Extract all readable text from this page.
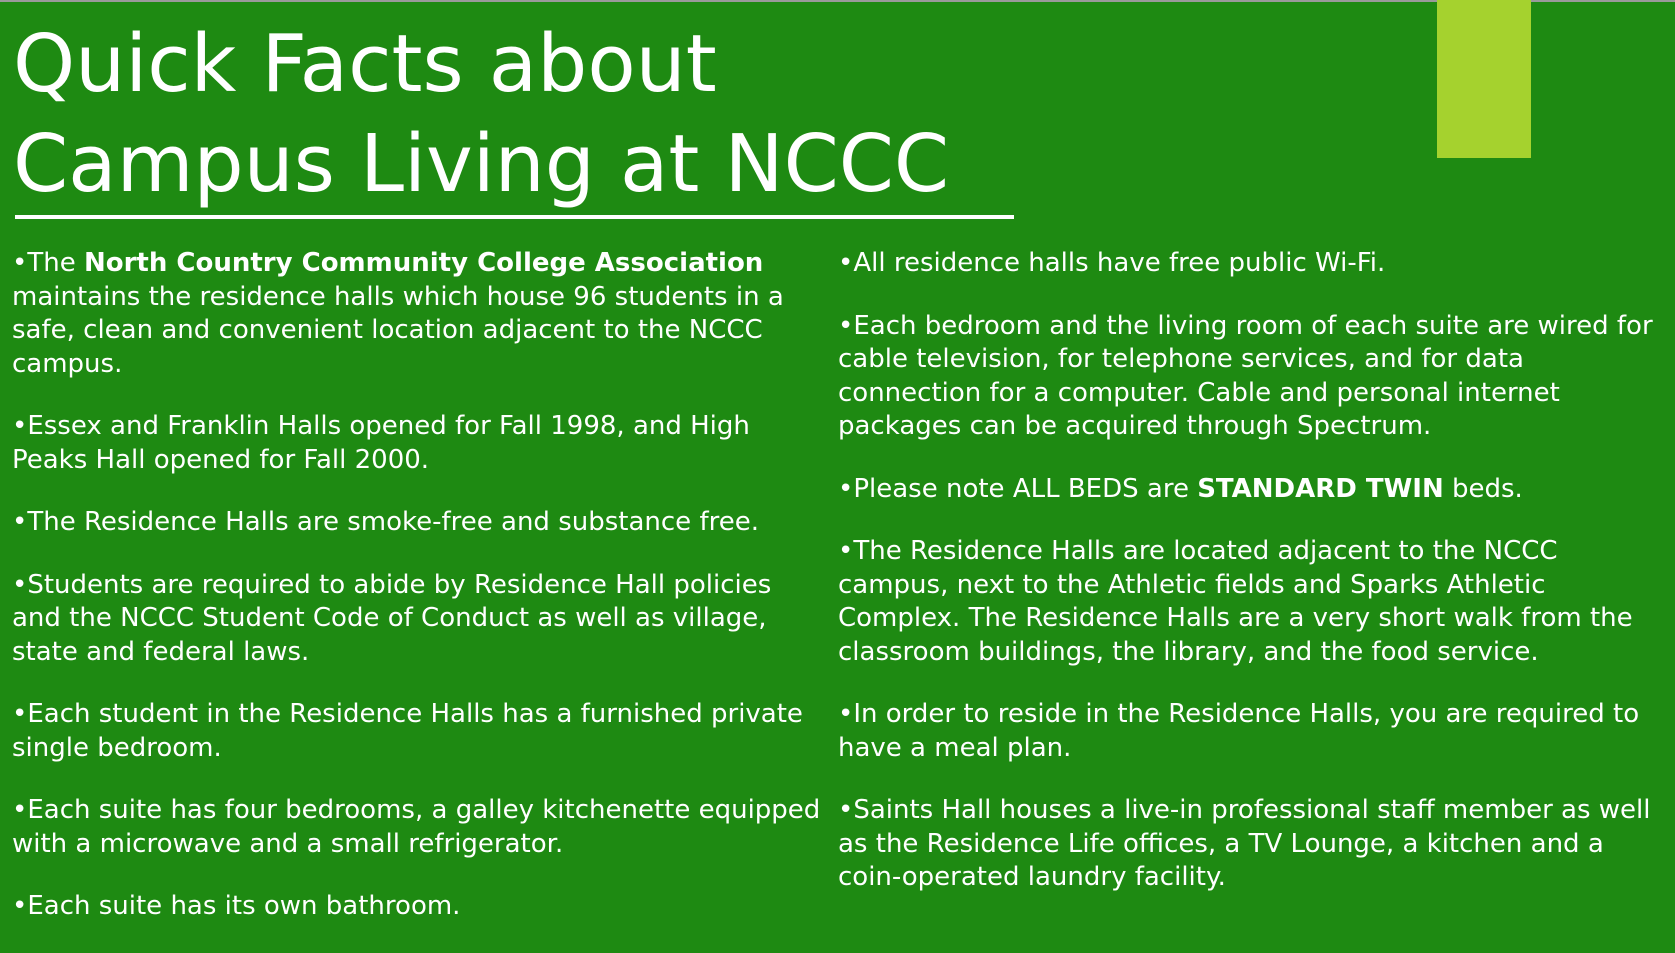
Quick Facts about
Campus Living at NCCC

•The North Country Community College Association maintains the residence halls which house 96 students in a safe, clean and convenient location adjacent to the NCCC campus.

•Essex and Franklin Halls opened for Fall 1998, and High Peaks Hall opened for Fall 2000.

•The Residence Halls are smoke-free and substance free.

•Students are required to abide by Residence Hall policies and the NCCC Student Code of Conduct as well as village, state and federal laws.

•Each student in the Residence Halls has a furnished private single bedroom.

•Each suite has four bedrooms, a galley kitchenette equipped with a microwave and a small refrigerator.

•Each suite has its own bathroom.

•All residence halls have free public Wi-Fi.

•Each bedroom and the living room of each suite are wired for cable television, for telephone services, and for data connection for a computer. Cable and personal internet packages can be acquired through Spectrum.

•Please note ALL BEDS are STANDARD TWIN beds.

•The Residence Halls are located adjacent to the NCCC campus, next to the Athletic fields and Sparks Athletic Complex. The Residence Halls are a very short walk from the classroom buildings, the library, and the food service.

•In order to reside in the Residence Halls, you are required to have a meal plan.

•Saints Hall houses a live-in professional staff member as well as the Residence Life offices, a TV Lounge, a kitchen and a coin-operated laundry facility.
